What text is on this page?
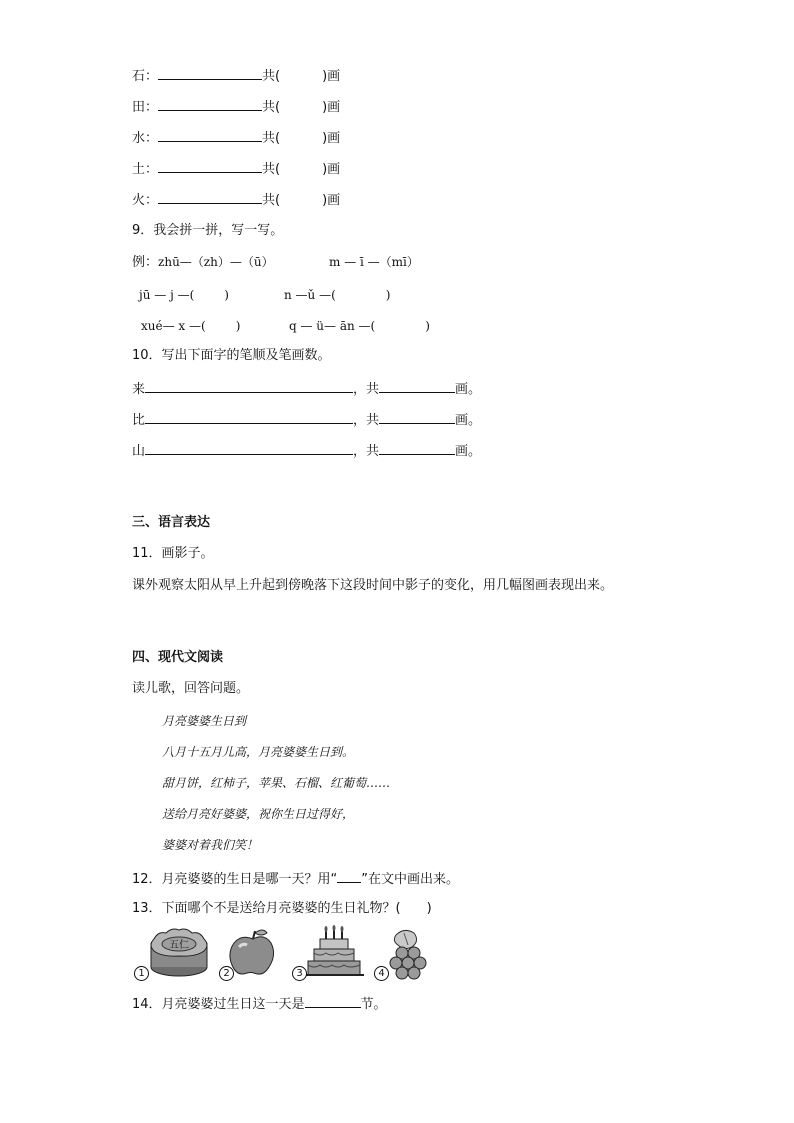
石：	共(	)画
田：	共(	)画
水：	共(	)画
土：	共(	)画
火：	共(	)画
9．我会拼一拼，写一写。
例：zhū—（zh）—（ū）	m — ī —（mī）
jū — j —(	)	n —ǔ —(	)
xué— x —(	)	q — ü— ān —(	)
10．写出下面字的笔顺及笔画数。
来	，共	画。
比	，共	画。
山	，共	画。
三、语言表达
11．画影子。
课外观察太阳从早上升起到傍晚落下这段时间中影子的变化，用几幅图画表现出来。
四、现代文阅读
读儿歌，回答问题。
月亮婆婆生日到
八月十五月儿高，月亮婆婆生日到。
甜月饼，红柿子，苹果、石榴、红葡萄……
送给月亮好婆婆，祝你生日过得好，
婆婆对着我们笑！
12．月亮婆婆的生日是哪一天？用“ ”在文中画出来。
13．下面哪个不是送给月亮婆婆的生日礼物？( )
五仁
1	2	3	4
14．月亮婆婆过生日这一天是	节。
